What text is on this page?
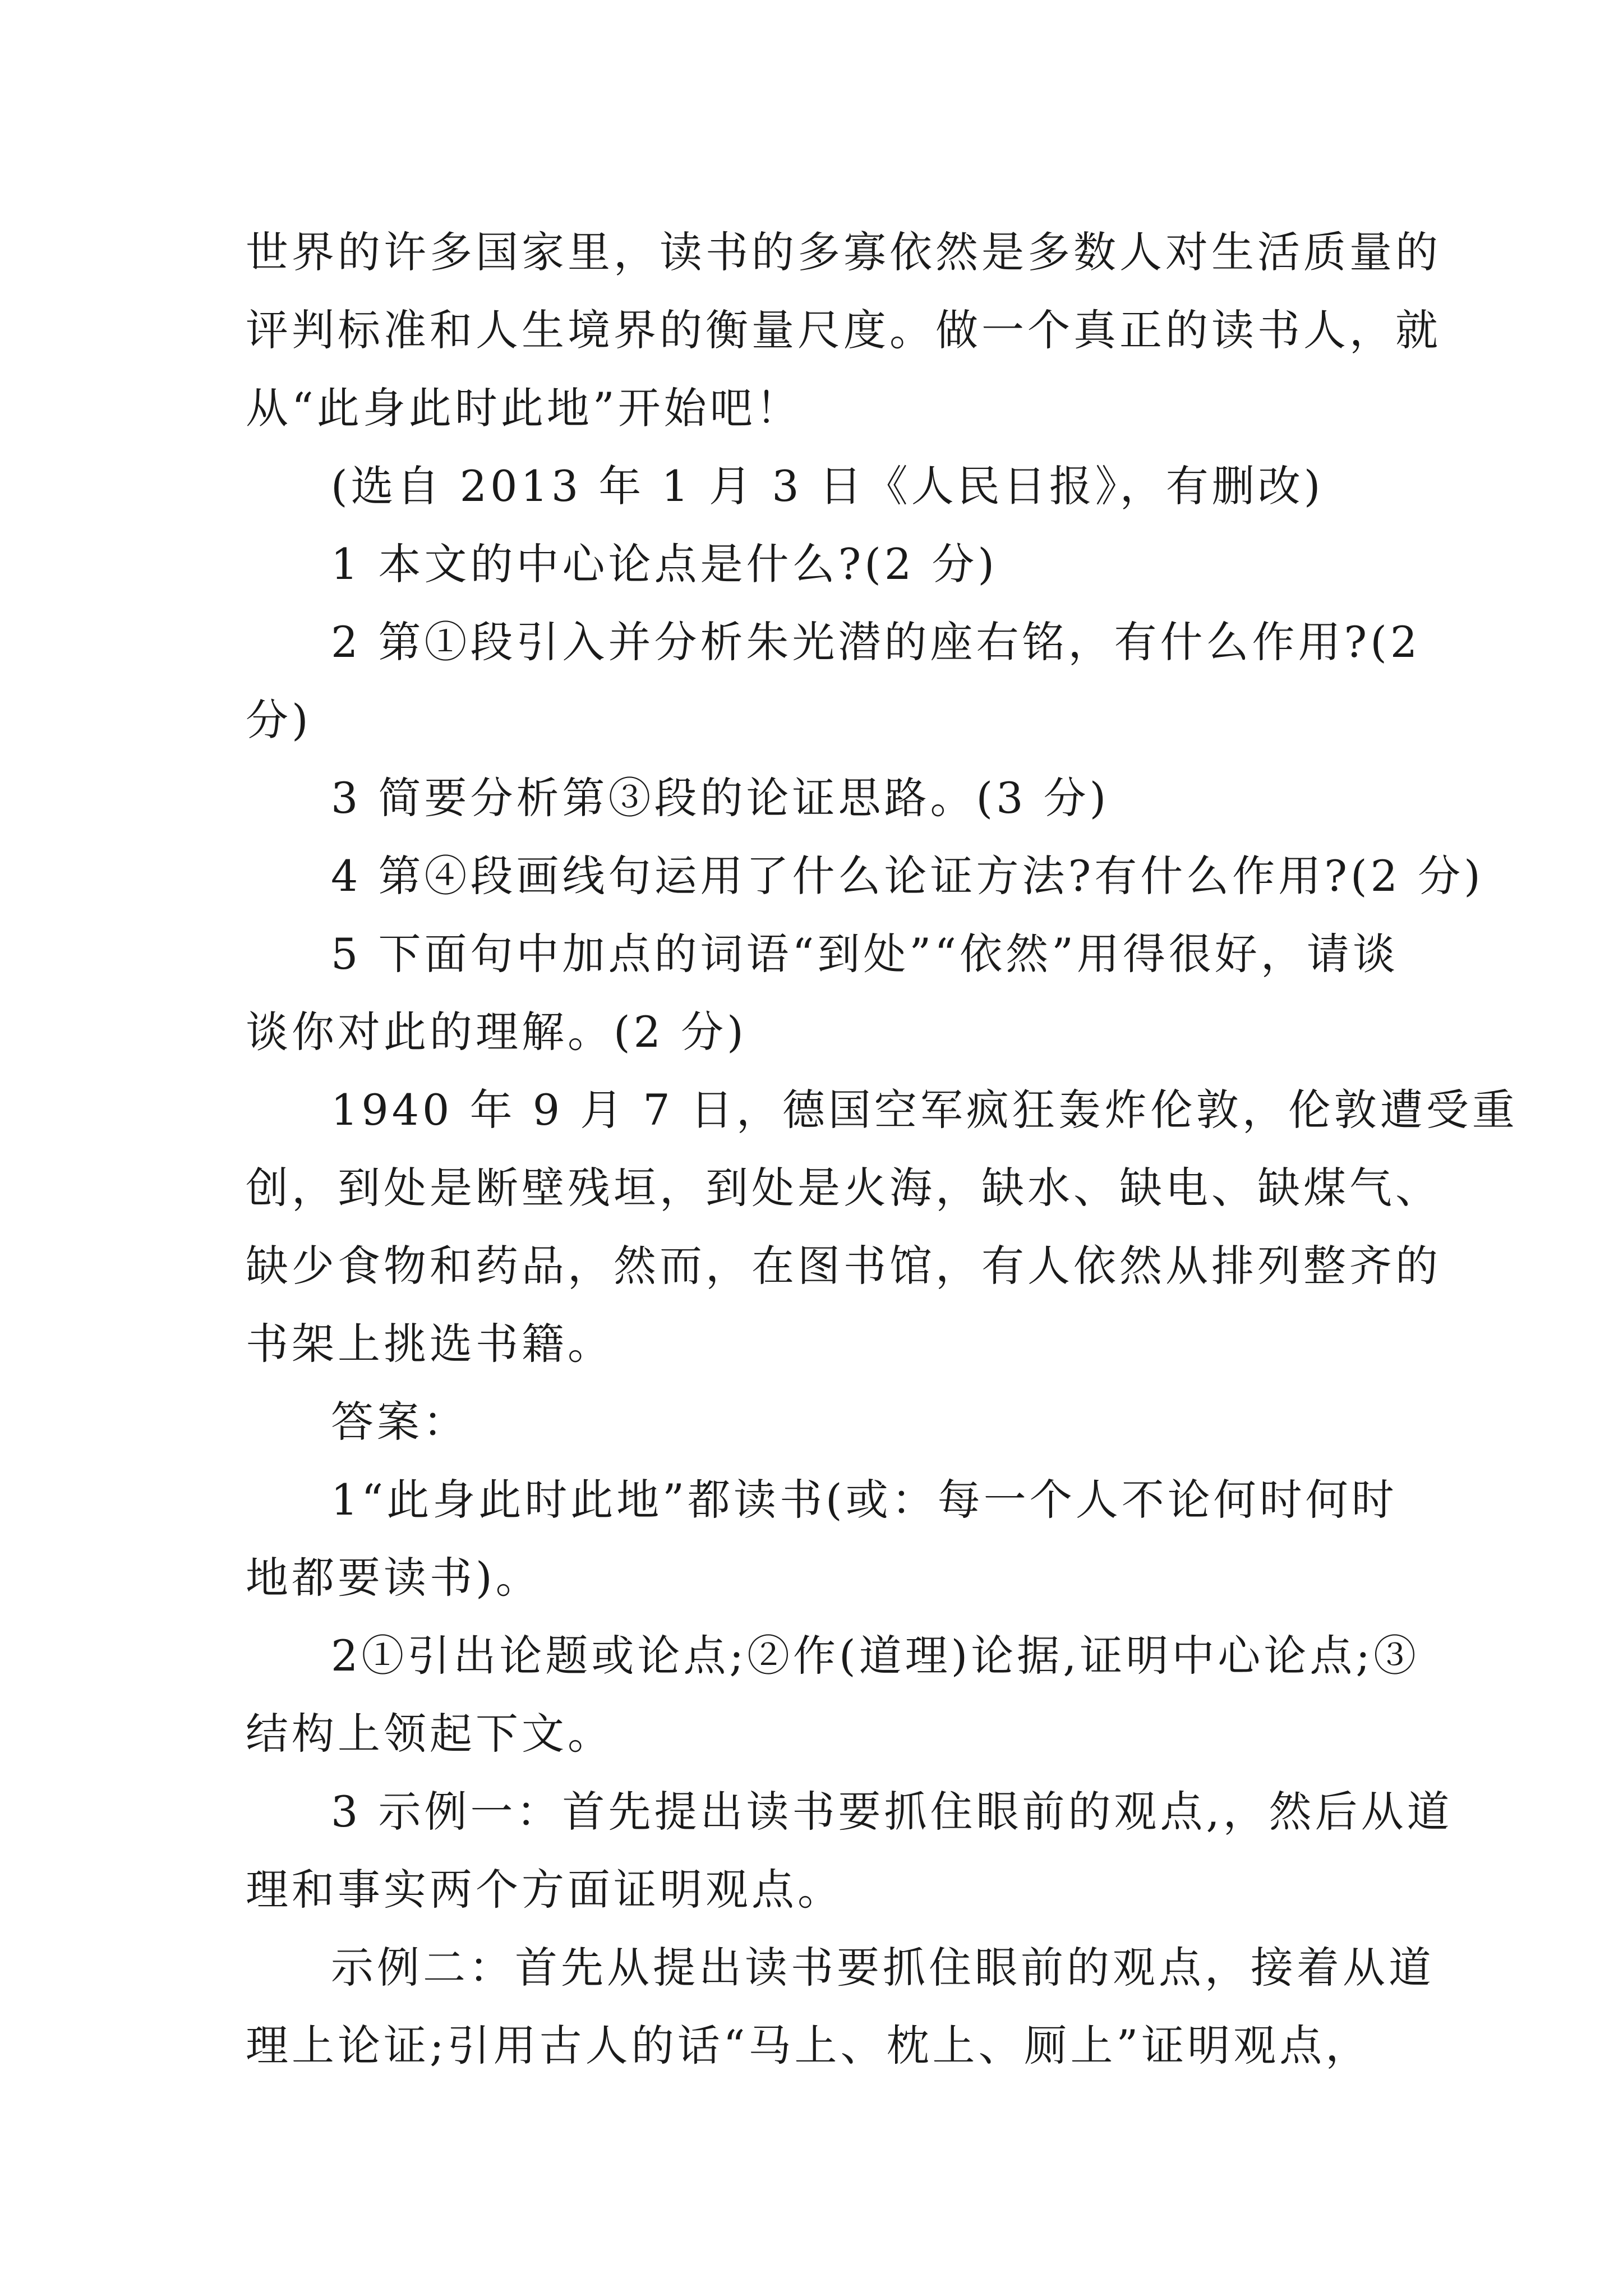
世界的许多国家里，读书的多寡依然是多数人对生活质量的
评判标准和人生境界的衡量尺度。做一个真正的读书人，就
从“此身此时此地”开始吧！
(选自 2013 年 1 月 3 日《人民日报》，有删改)
1 本文的中心论点是什么?(2 分)
2 第①段引入并分析朱光潜的座右铭，有什么作用?(2
分)
3 简要分析第③段的论证思路。(3 分)
4 第④段画线句运用了什么论证方法?有什么作用?(2 分)
5 下面句中加点的词语“到处”“依然”用得很好，请谈
谈你对此的理解。(2 分)
1940 年 9 月 7 日，德国空军疯狂轰炸伦敦，伦敦遭受重
创，到处是断壁残垣，到处是火海，缺水、缺电、缺煤气、
缺少食物和药品，然而，在图书馆，有人依然从排列整齐的
书架上挑选书籍。
答案：
1“此身此时此地”都读书(或：每一个人不论何时何时
地都要读书)。
2①引出论题或论点;②作(道理)论据,证明中心论点;③
结构上领起下文。
3 示例一：首先提出读书要抓住眼前的观点,，然后从道
理和事实两个方面证明观点。
示例二：首先从提出读书要抓住眼前的观点，接着从道
理上论证;引用古人的话“马上、枕上、厕上”证明观点，
